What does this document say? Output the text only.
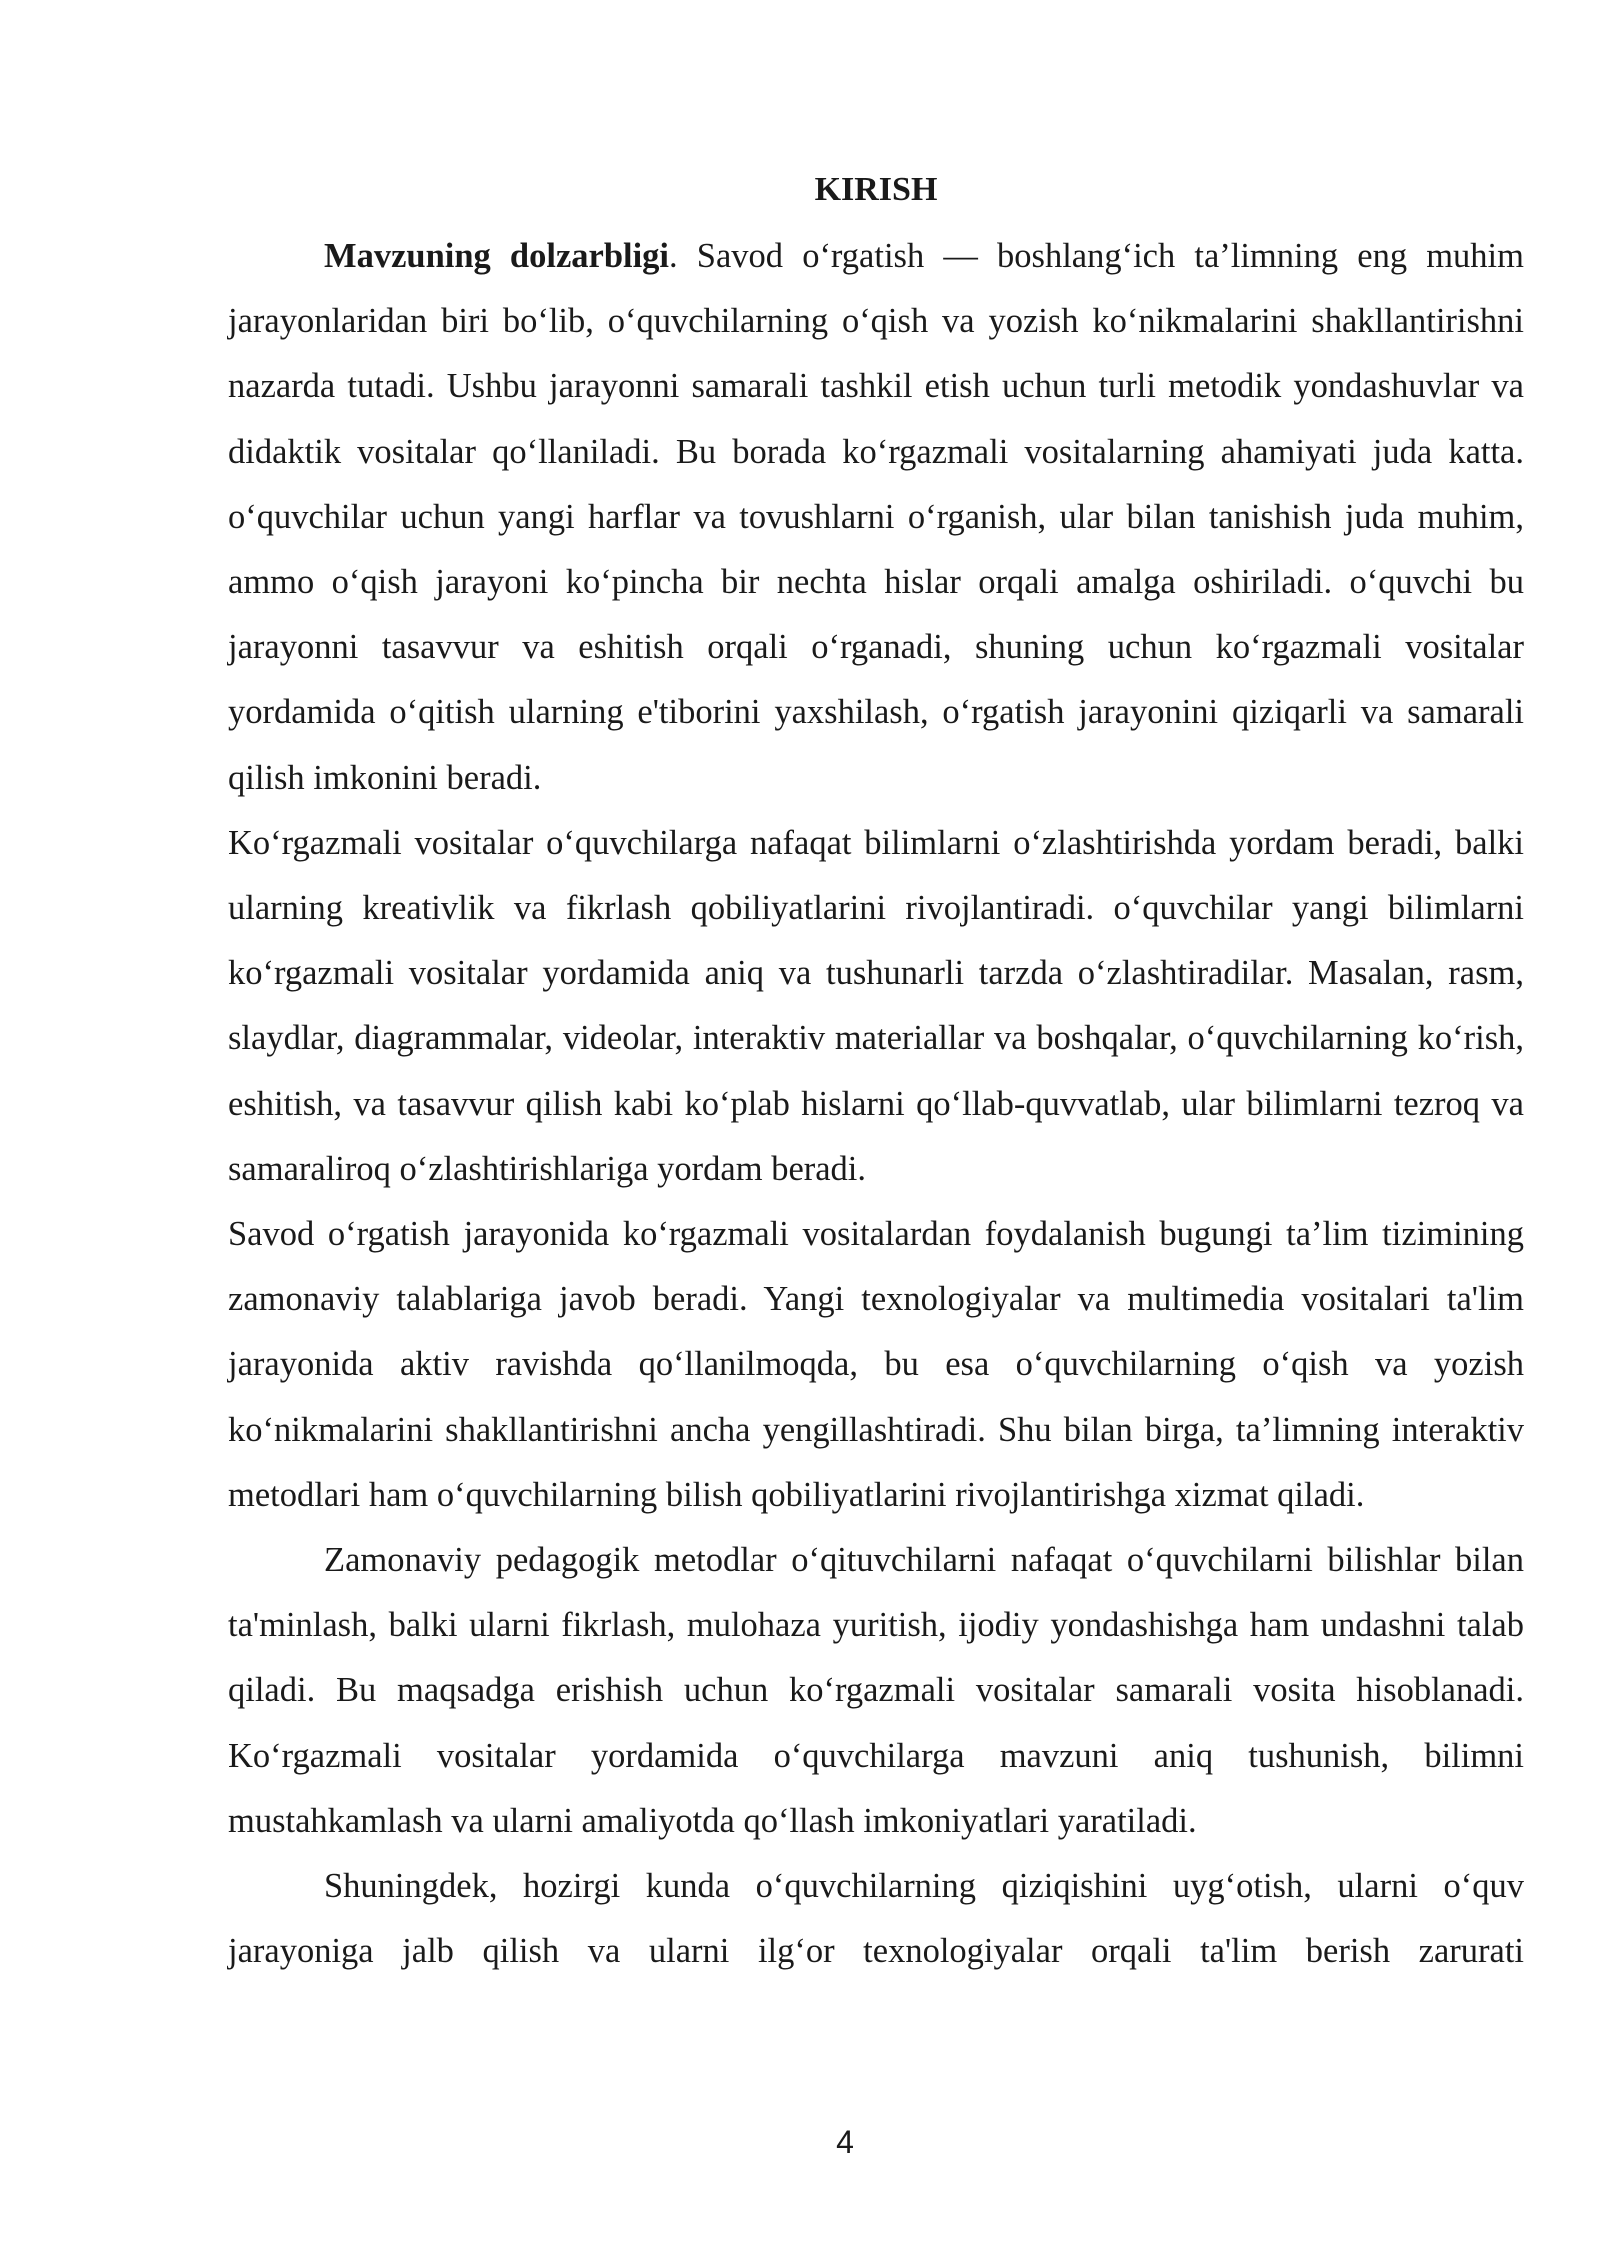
KIRISH

Mavzuning dolzarbligi. Savod o‘rgatish — boshlang‘ich ta’limning eng muhim jarayonlaridan biri bo‘lib, o‘quvchilarning o‘qish va yozish ko‘nikmalarini shakllantirishni nazarda tutadi. Ushbu jarayonni samarali tashkil etish uchun turli metodik yondashuvlar va didaktik vositalar qo‘llaniladi. Bu borada ko‘rgazmali vositalarning ahamiyati juda katta. o‘quvchilar uchun yangi harflar va tovushlarni o‘rganish, ular bilan tanishish juda muhim, ammo o‘qish jarayoni ko‘pincha bir nechta hislar orqali amalga oshiriladi. o‘quvchi bu jarayonni tasavvur va eshitish orqali o‘rganadi, shuning uchun ko‘rgazmali vositalar yordamida o‘qitish ularning e'tiborini yaxshilash, o‘rgatish jarayonini qiziqarli va samarali qilish imkonini beradi.

Ko‘rgazmali vositalar o‘quvchilarga nafaqat bilimlarni o‘zlashtirishda yordam beradi, balki ularning kreativlik va fikrlash qobiliyatlarini rivojlantiradi. o‘quvchilar yangi bilimlarni ko‘rgazmali vositalar yordamida aniq va tushunarli tarzda o‘zlashtiradilar. Masalan, rasm, slaydlar, diagrammalar, videolar, interaktiv materiallar va boshqalar, o‘quvchilarning ko‘rish, eshitish, va tasavvur qilish kabi ko‘plab hislarni qo‘llab-quvvatlab, ular bilimlarni tezroq va samaraliroq o‘zlashtirishlariga yordam beradi.

Savod o‘rgatish jarayonida ko‘rgazmali vositalardan foydalanish bugungi ta’lim tizimining zamonaviy talablariga javob beradi. Yangi texnologiyalar va multimedia vositalari ta'lim jarayonida aktiv ravishda qo‘llanilmoqda, bu esa o‘quvchilarning o‘qish va yozish ko‘nikmalarini shakllantirishni ancha yengillashtiradi. Shu bilan birga, ta’limning interaktiv metodlari ham o‘quvchilarning bilish qobiliyatlarini rivojlantirishga xizmat qiladi.

Zamonaviy pedagogik metodlar o‘qituvchilarni nafaqat o‘quvchilarni bilishlar bilan ta'minlash, balki ularni fikrlash, mulohaza yuritish, ijodiy yondashishga ham undashni talab qiladi. Bu maqsadga erishish uchun ko‘rgazmali vositalar samarali vosita hisoblanadi. Ko‘rgazmali vositalar yordamida o‘quvchilarga mavzuni aniq tushunish, bilimni mustahkamlash va ularni amaliyotda qo‘llash imkoniyatlari yaratiladi.

Shuningdek, hozirgi kunda o‘quvchilarning qiziqishini uyg‘otish, ularni o‘quv jarayoniga jalb qilish va ularni ilg‘or texnologiyalar orqali ta'lim berish zarurati

4
